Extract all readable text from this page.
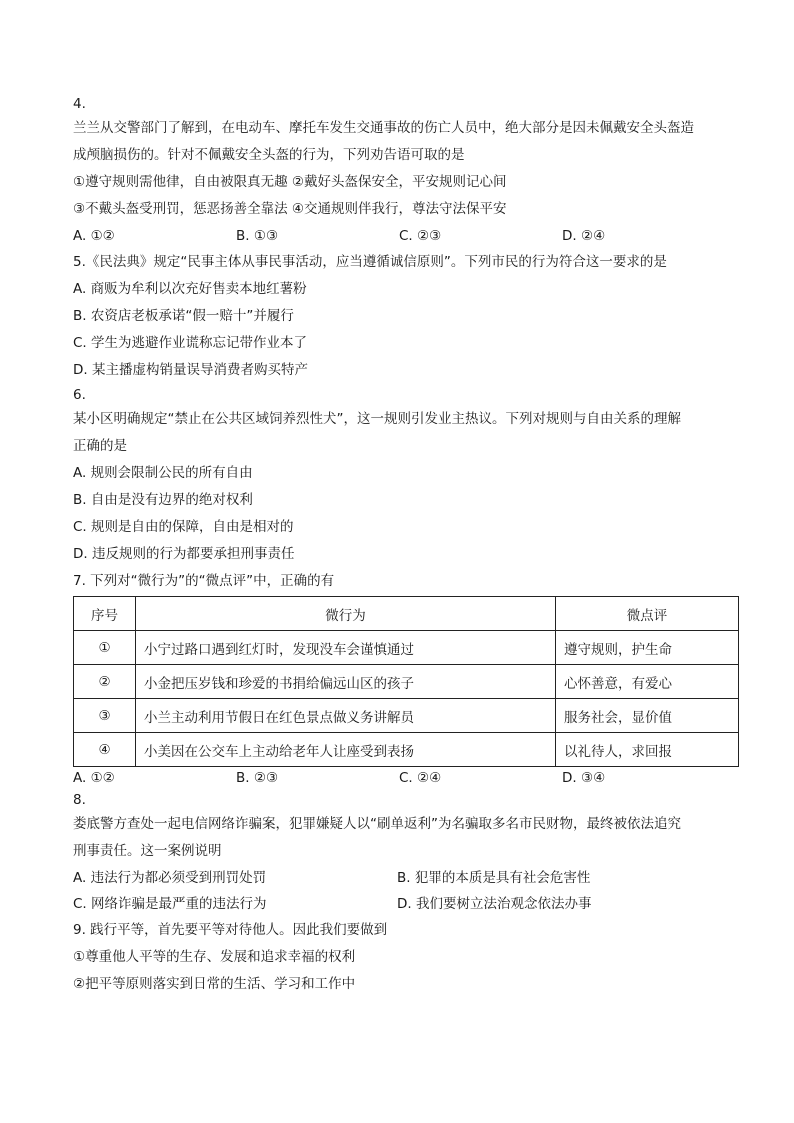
4.
兰兰从交警部门了解到，在电动车、摩托车发生交通事故的伤亡人员中，绝大部分是因未佩戴安全头盔造
成颅脑损伤的。针对不佩戴安全头盔的行为，下列劝告语可取的是
①遵守规则需他律，自由被限真无趣 ②戴好头盔保安全，平安规则记心间
③不戴头盔受刑罚，惩恶扬善全靠法 ④交通规则伴我行，尊法守法保平安
A. ①②	B. ①③	C. ②③	D. ②④
5.《民法典》规定“民事主体从事民事活动，应当遵循诚信原则”。下列市民的行为符合这一要求的是
A. 商贩为牟利以次充好售卖本地红薯粉
B. 农资店老板承诺“假一赔十”并履行
C. 学生为逃避作业谎称忘记带作业本了
D. 某主播虚构销量误导消费者购买特产
6.
某小区明确规定“禁止在公共区域饲养烈性犬”，这一规则引发业主热议。下列对规则与自由关系的理解
正确的是
A. 规则会限制公民的所有自由
B. 自由是没有边界的绝对权利
C. 规则是自由的保障，自由是相对的
D. 违反规则的行为都要承担刑事责任
7. 下列对“微行为”的“微点评”中，正确的有
序号	微行为	微点评
①	小宁过路口遇到红灯时，发现没车会谨慎通过	遵守规则，护生命
②	小金把压岁钱和珍爱的书捐给偏远山区的孩子	心怀善意，有爱心
③	小兰主动利用节假日在红色景点做义务讲解员	服务社会，显价值
④	小美因在公交车上主动给老年人让座受到表扬	以礼待人，求回报
A. ①②	B. ②③	C. ②④	D. ③④
8.
娄底警方查处一起电信网络诈骗案，犯罪嫌疑人以“刷单返利”为名骗取多名市民财物，最终被依法追究
刑事责任。这一案例说明
A. 违法行为都必须受到刑罚处罚	B. 犯罪的本质是具有社会危害性
C. 网络诈骗是最严重的违法行为	D. 我们要树立法治观念依法办事
9. 践行平等，首先要平等对待他人。因此我们要做到
①尊重他人平等的生存、发展和追求幸福的权利
②把平等原则落实到日常的生活、学习和工作中
